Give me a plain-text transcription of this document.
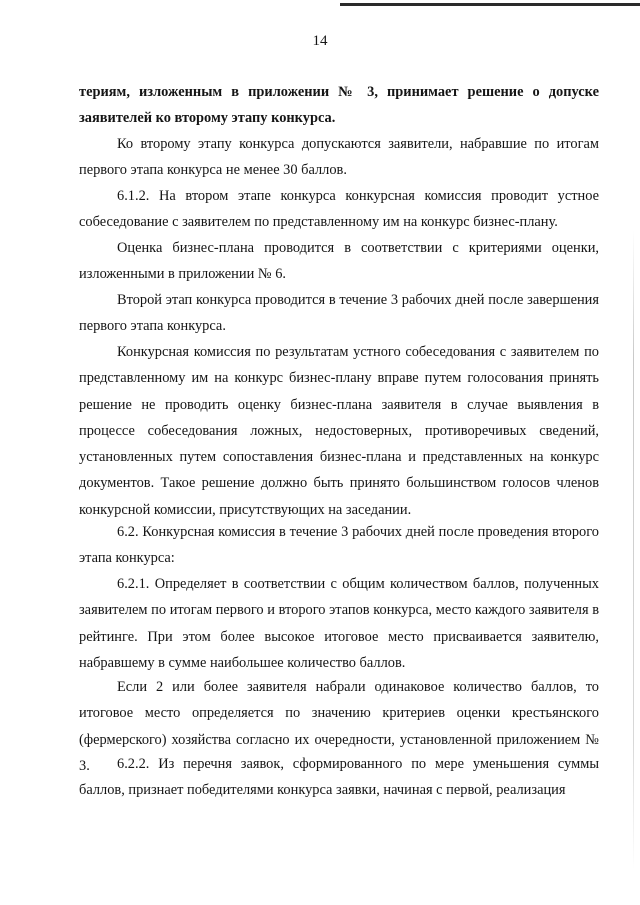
14

териям, изложенным в приложении № 3, принимает решение о допуске заявителей ко второму этапу конкурса.

Ко второму этапу конкурса допускаются заявители, набравшие по итогам первого этапа конкурса не менее 30 баллов.

6.1.2. На втором этапе конкурса конкурсная комиссия проводит устное собеседование с заявителем по представленному им на конкурс бизнес-плану.

Оценка бизнес-плана проводится в соответствии с критериями оценки, изложенными в приложении № 6.

Второй этап конкурса проводится в течение 3 рабочих дней после завершения первого этапа конкурса.

Конкурсная комиссия по результатам устного собеседования с заявителем по представленному им на конкурс бизнес-плану вправе путем голосования принять решение не проводить оценку бизнес-плана заявителя в случае выявления в процессе собеседования ложных, недостоверных, противоречивых сведений, установленных путем сопоставления бизнес-плана и представленных на конкурс документов. Такое решение должно быть принято большинством голосов членов конкурсной комиссии, присутствующих на заседании.

6.2. Конкурсная комиссия в течение 3 рабочих дней после проведения второго этапа конкурса:

6.2.1. Определяет в соответствии с общим количеством баллов, полученных заявителем по итогам первого и второго этапов конкурса, место каждого заявителя в рейтинге. При этом более высокое итоговое место присваивается заявителю, набравшему в сумме наибольшее количество баллов.

Если 2 или более заявителя набрали одинаковое количество баллов, то итоговое место определяется по значению критериев оценки крестьянского (фермерского) хозяйства согласно их очередности, установленной приложением № 3.	6.2.2. Из перечня заявок, сформированного по мере уменьшения суммы баллов, признает победителями конкурса заявки, начиная с первой, реализация
